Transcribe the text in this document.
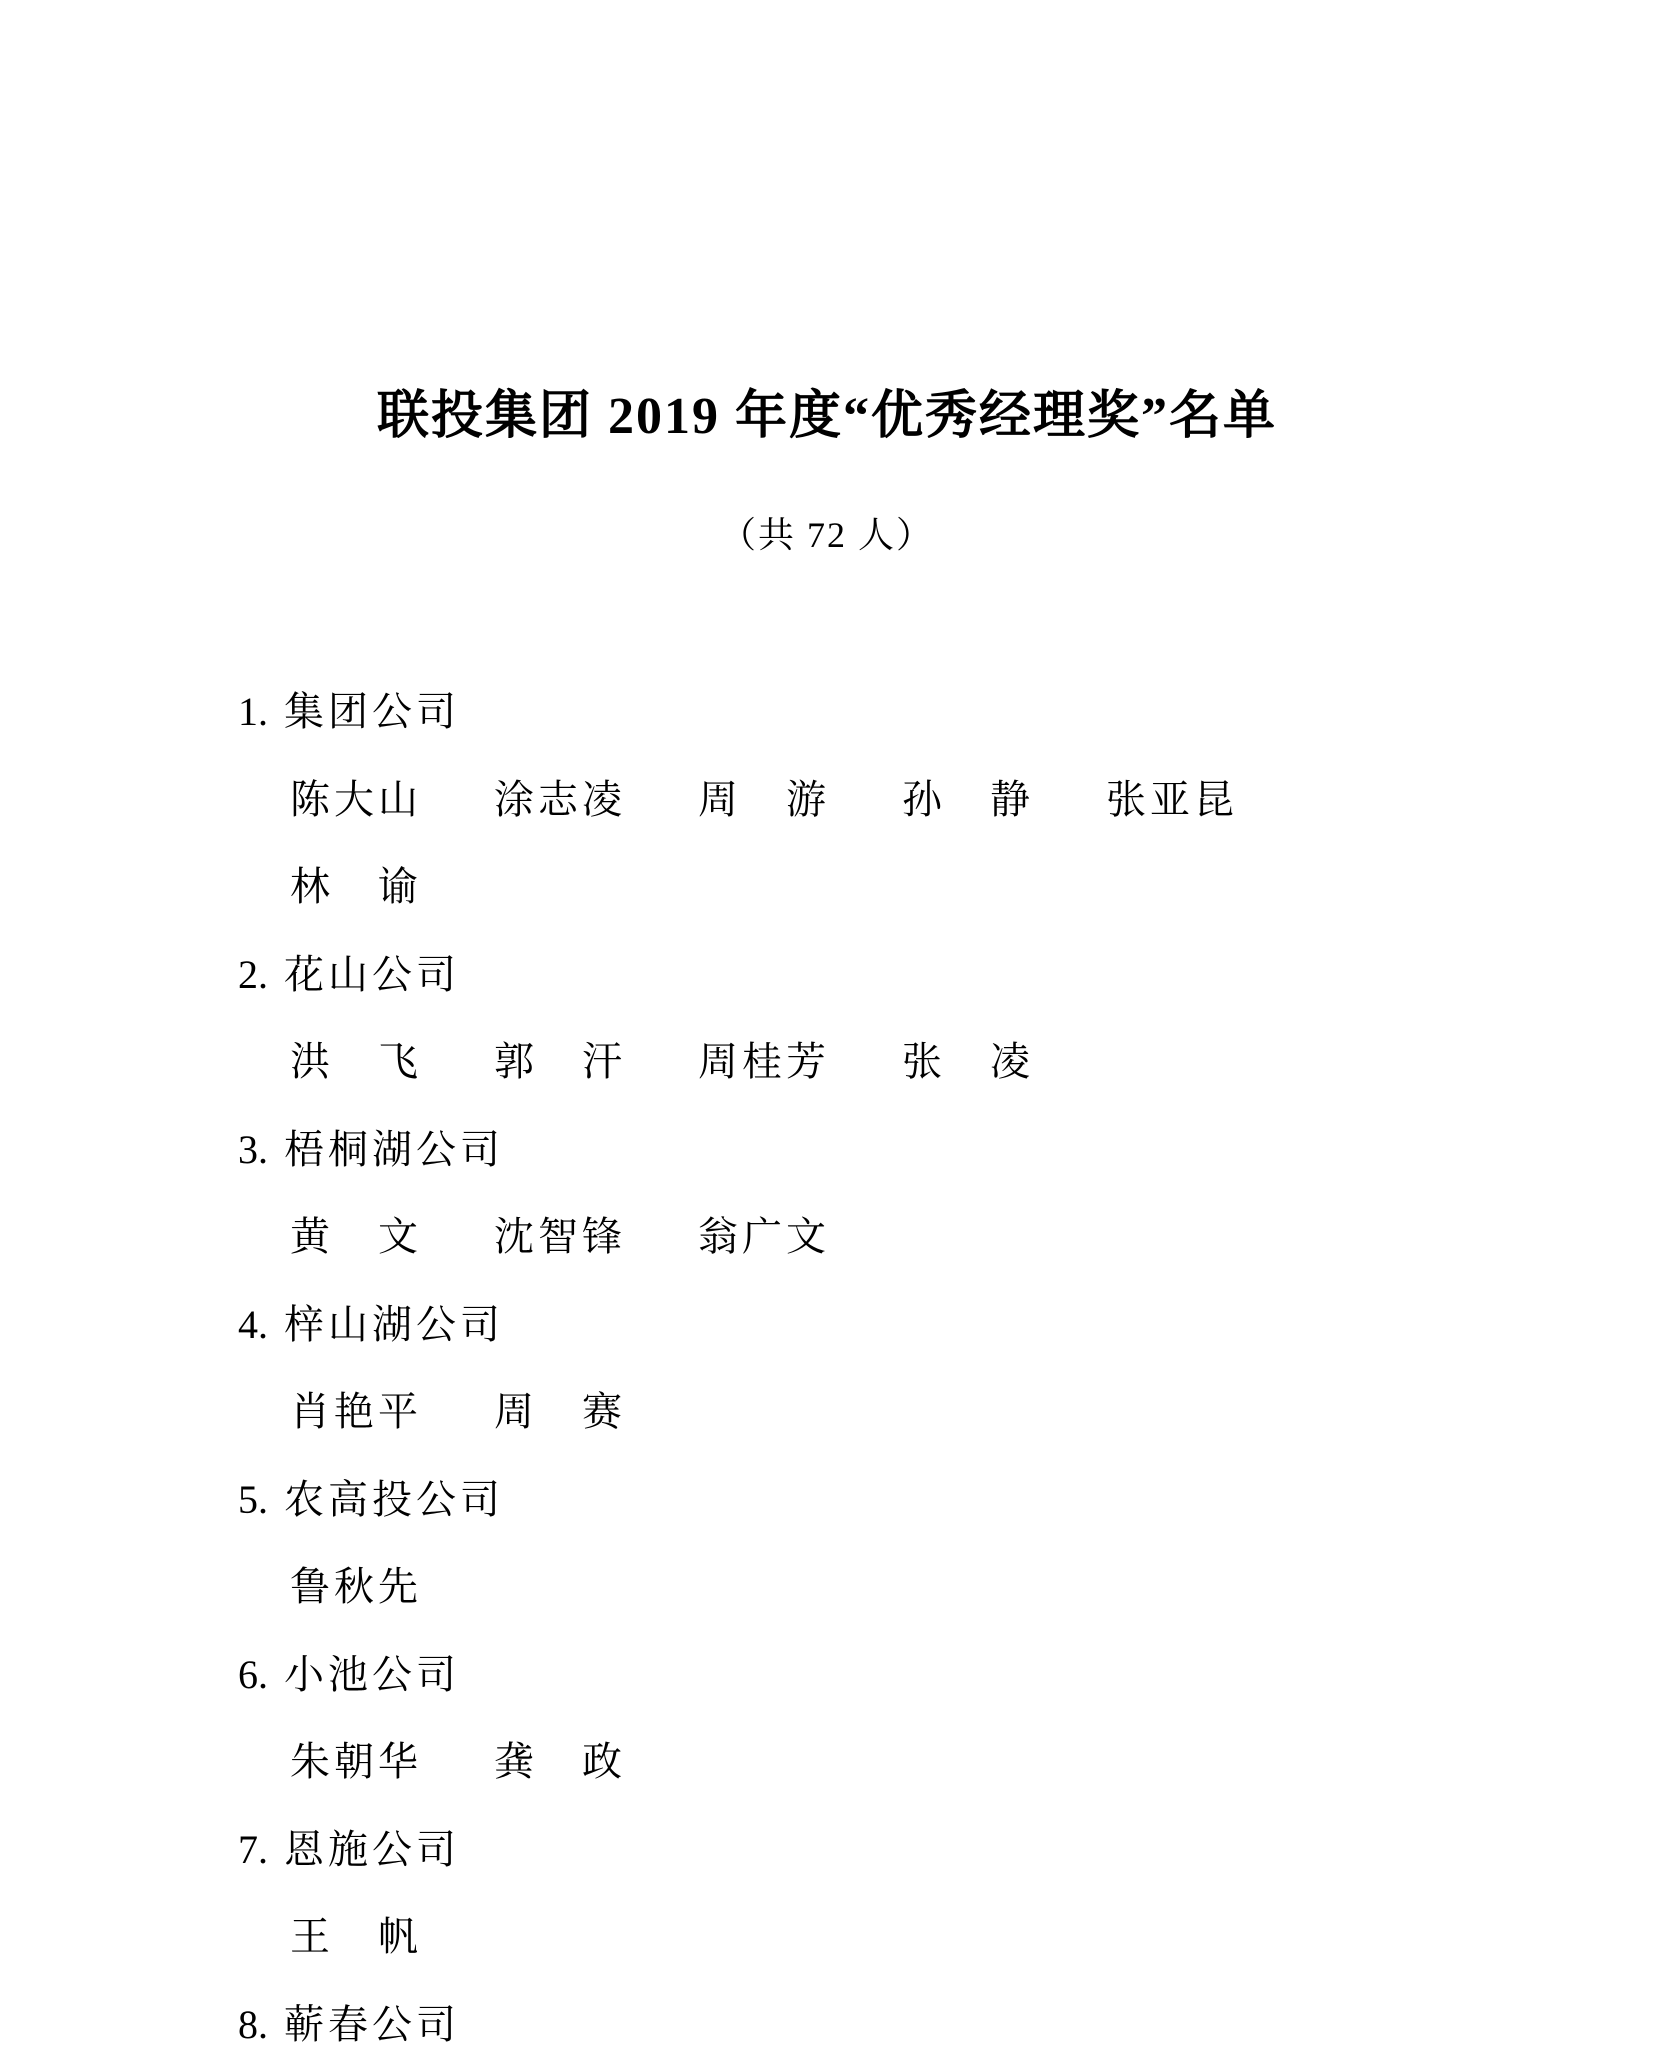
联投集团 2019 年度“优秀经理奖”名单
（共 72 人）
1. 集团公司
陈大山 涂志凌 周　游 孙　静 张亚昆
林　谕
2. 花山公司
洪　飞 郭　汗 周桂芳 张　凌
3. 梧桐湖公司
黄　文 沈智锋 翁广文
4. 梓山湖公司
肖艳平 周　赛
5. 农高投公司
鲁秋先
6. 小池公司
朱朝华 龚　政
7. 恩施公司
王　帆
8. 蕲春公司
